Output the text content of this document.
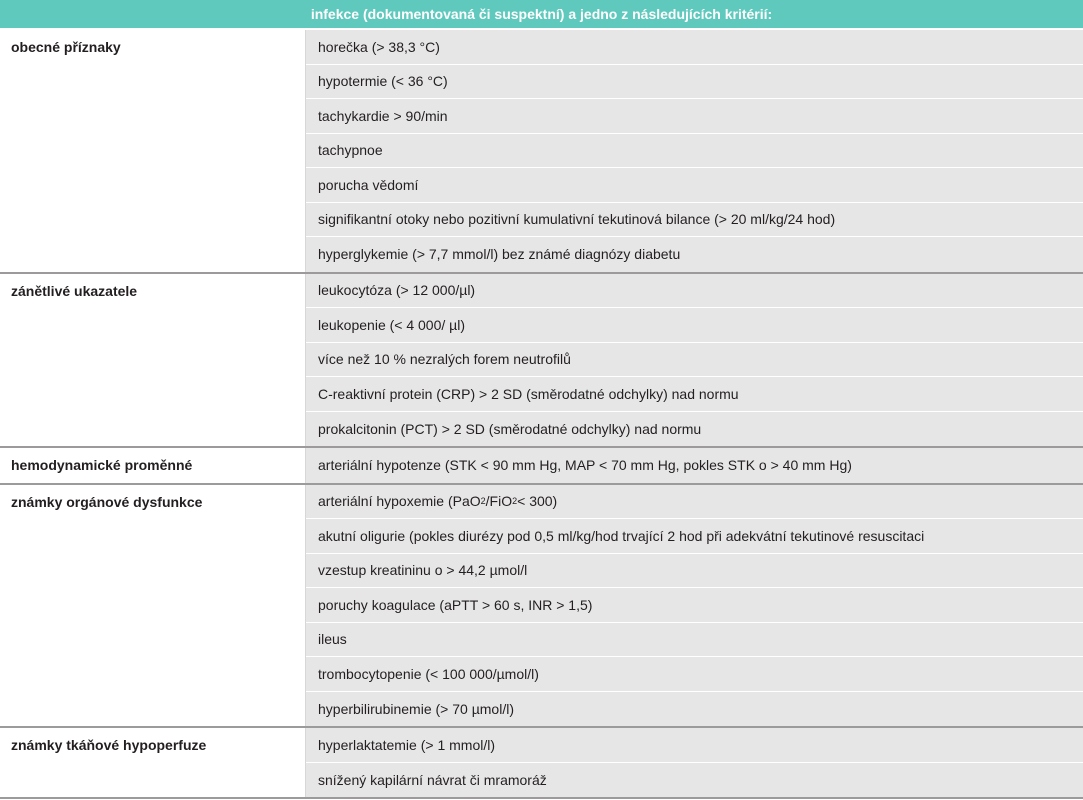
infekce (dokumentovaná či suspektní) a jedno z následujících kritérií:
obecné příznaky	horečka (> 38,3 °C)
hypotermie (< 36 °C)
tachykardie > 90/min
tachypnoe
porucha vědomí
signifikantní otoky nebo pozitivní kumulativní tekutinová bilance (> 20 ml/kg/24 hod)
hyperglykemie (> 7,7 mmol/l) bez známé diagnózy diabetu
zánětlivé ukazatele	leukocytóza (> 12 000/µl)
leukopenie (< 4 000/ µl)
více než 10 % nezralých forem neutrofilů
C-reaktivní protein (CRP) > 2 SD (směrodatné odchylky) nad normu
prokalcitonin (PCT) > 2 SD (směrodatné odchylky) nad normu
hemodynamické proměnné	arteriální hypotenze (STK < 90 mm Hg, MAP < 70 mm Hg, pokles STK o > 40 mm Hg)
známky orgánové dysfunkce	arteriální hypoxemie (PaO 2 /FiO 2 < 300)
akutní oligurie (pokles diurézy pod 0,5 ml/kg/hod trvající 2 hod při adekvátní tekutinové resuscitaci
vzestup kreatininu o > 44,2 µmol/l
poruchy koagulace (aPTT > 60 s, INR > 1,5)
ileus
trombocytopenie (< 100 000/µmol/l)
hyperbilirubinemie (> 70 µmol/l)
známky tkáňové hypoperfuze	hyperlaktatemie (> 1 mmol/l)
snížený kapilární návrat či mramoráž
